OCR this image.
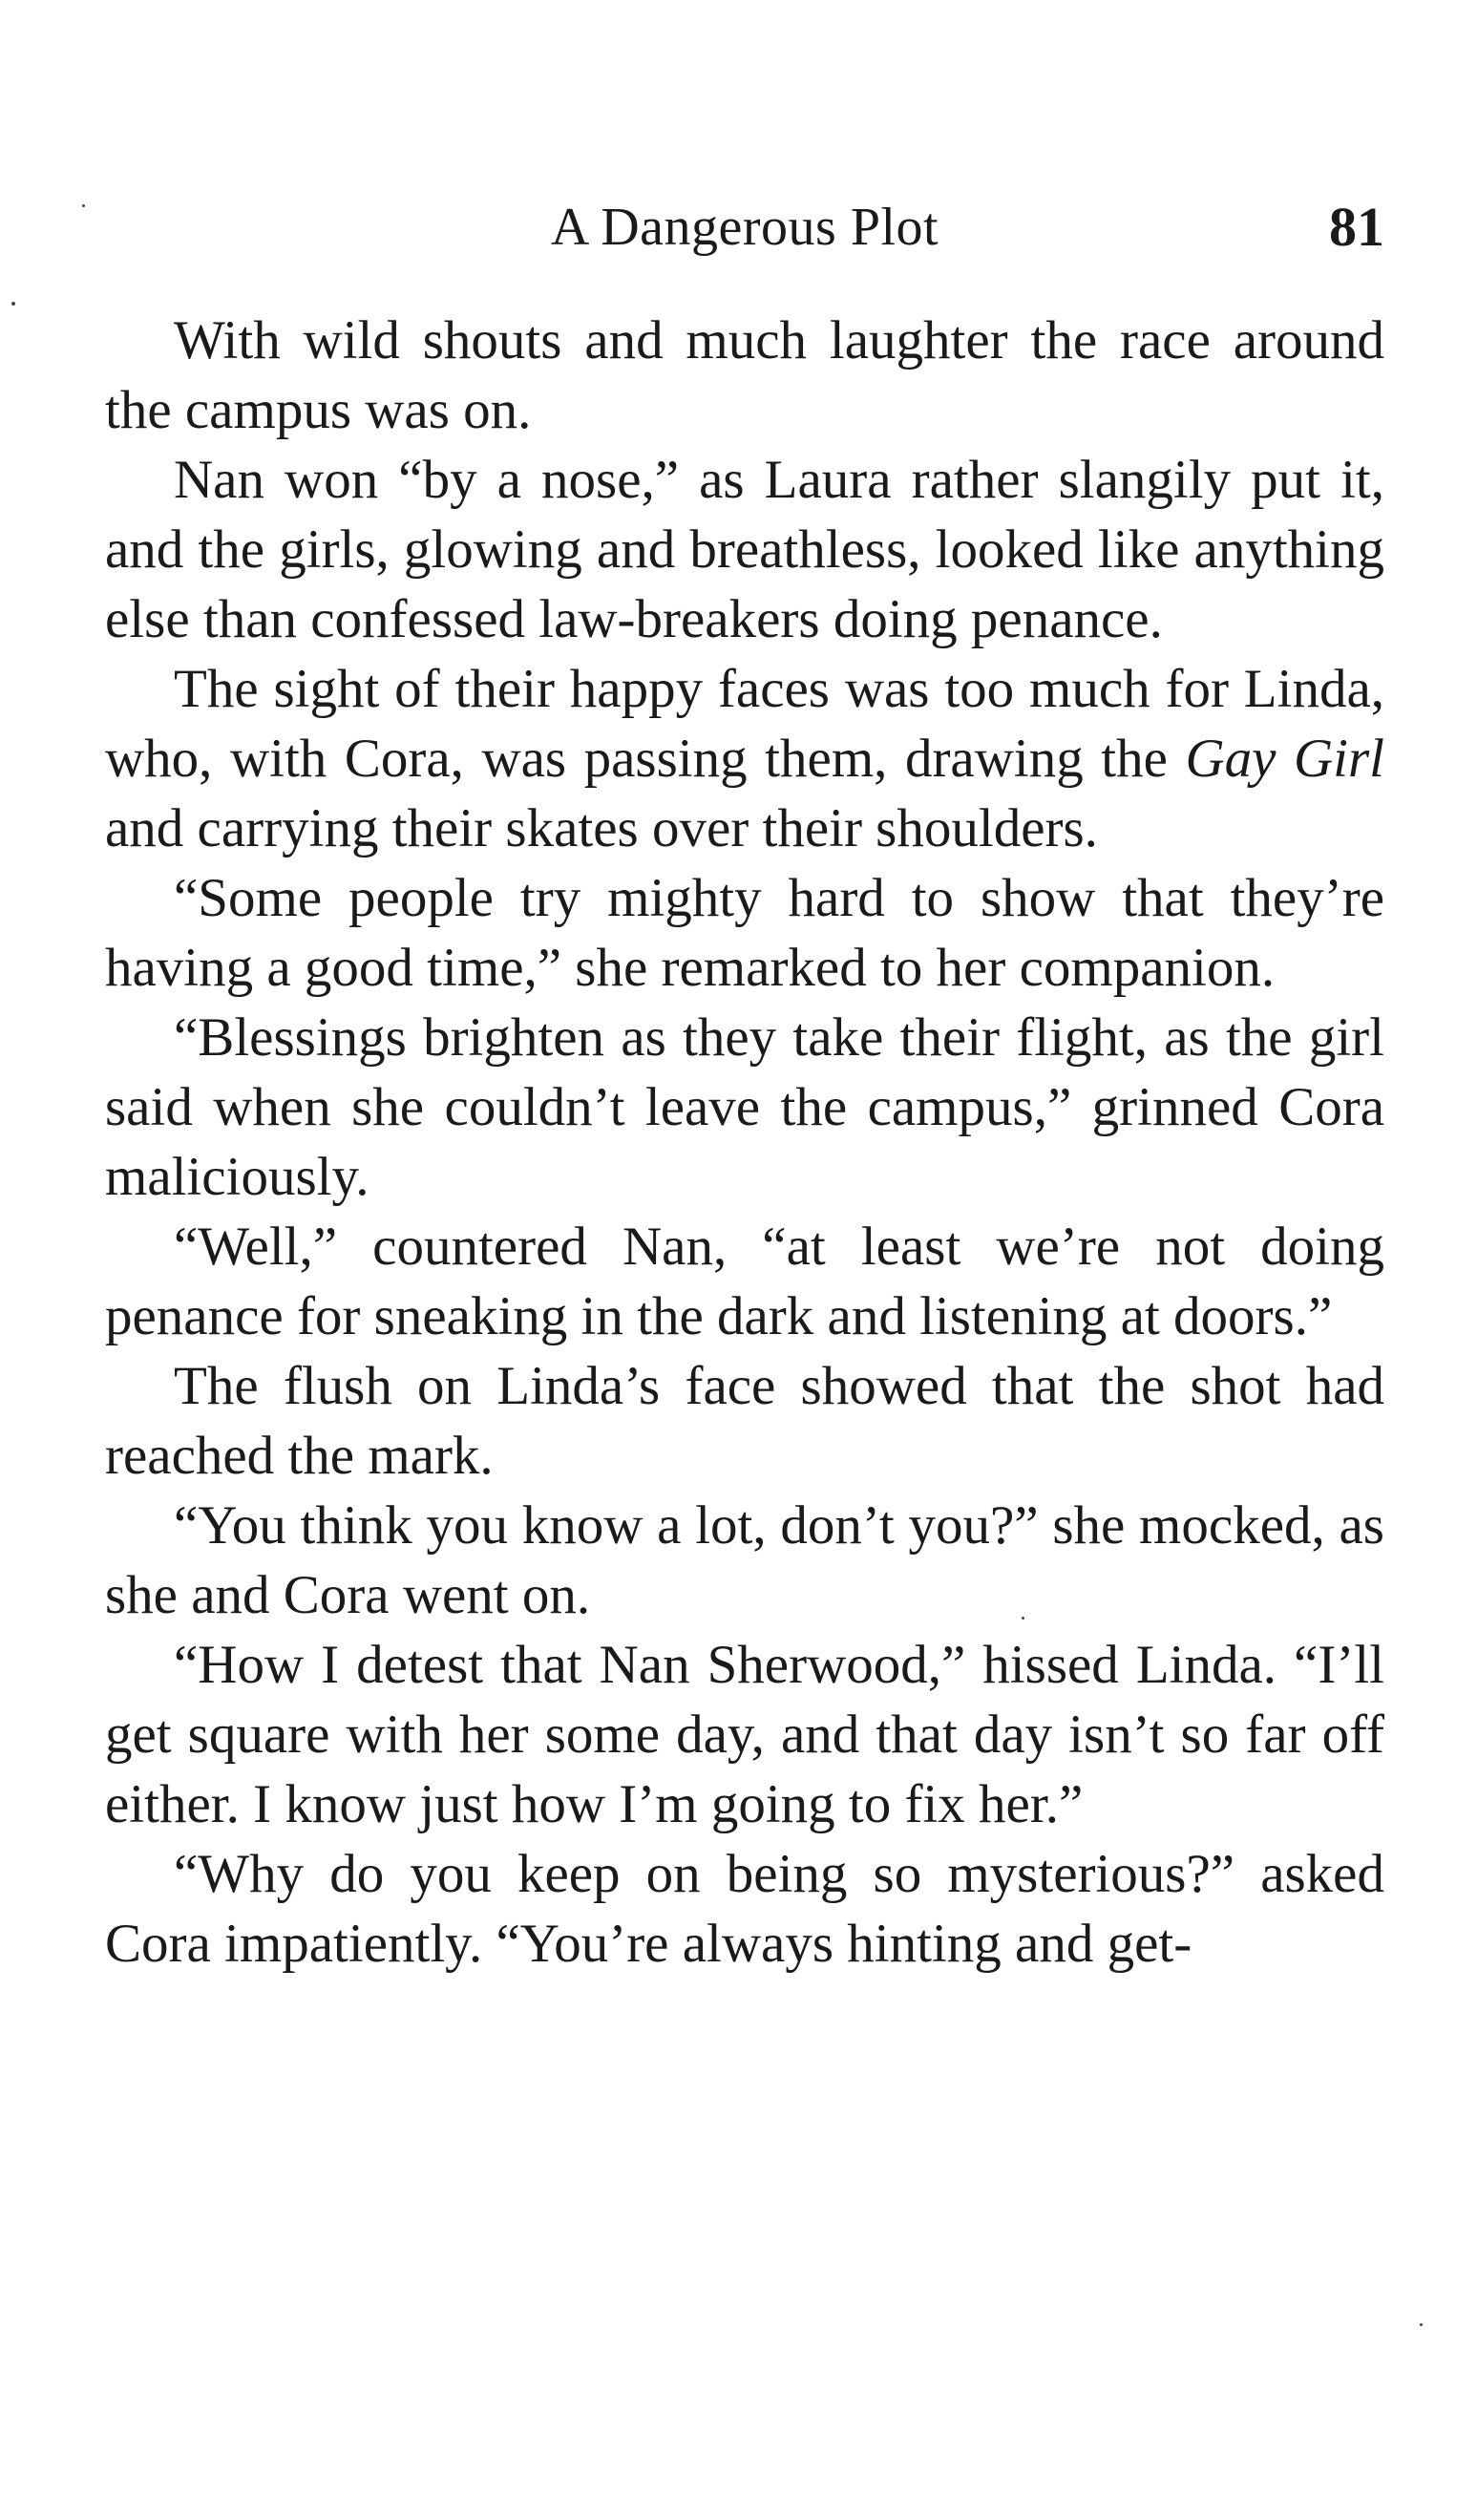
A Dangerous Plot	81

With wild shouts and much laughter the race around the campus was on.

Nan won “by a nose,” as Laura rather slangily put it, and the girls, glowing and breathless, looked like anything else than confessed law-breakers doing penance.

The sight of their happy faces was too much for Linda, who, with Cora, was passing them, drawing the Gay Girl and carrying their skates over their shoulders.

“Some people try mighty hard to show that they’re having a good time,” she remarked to her companion.

“Blessings brighten as they take their flight, as the girl said when she couldn’t leave the campus,” grinned Cora maliciously.

“Well,” countered Nan, “at least we’re not doing penance for sneaking in the dark and listening at doors.”

The flush on Linda’s face showed that the shot had reached the mark.

“You think you know a lot, don’t you?” she mocked, as she and Cora went on.

“How I detest that Nan Sherwood,” hissed Linda. “I’ll get square with her some day, and that day isn’t so far off either. I know just how I’m going to fix her.”

“Why do you keep on being so mysterious?” asked Cora impatiently. “You’re always hinting and get-
